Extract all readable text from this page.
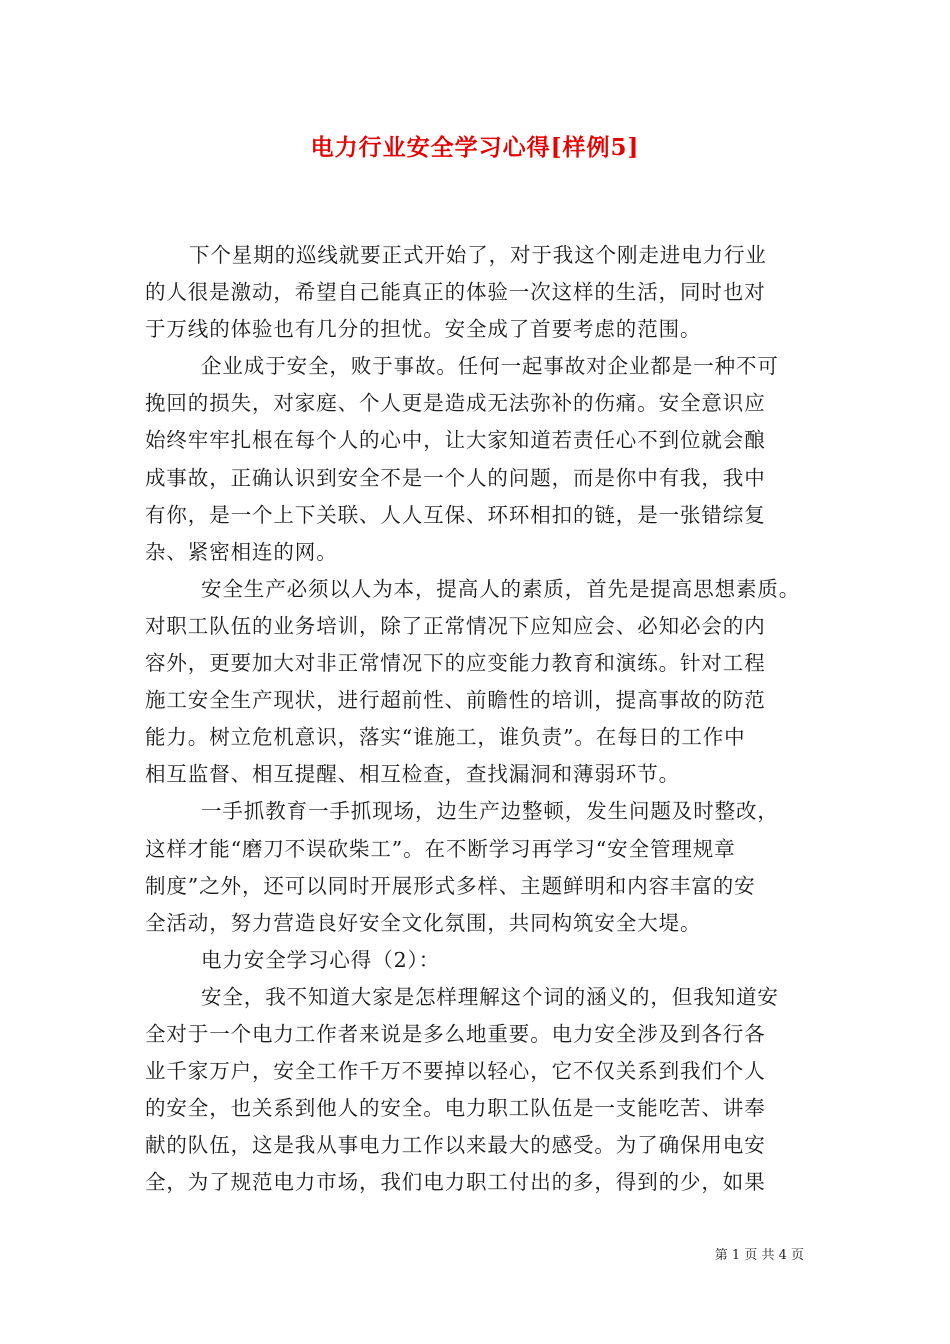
电力行业安全学习心得[样例5]
下个星期的巡线就要正式开始了，对于我这个刚走进电力行业
的人很是激动，希望自己能真正的体验一次这样的生活，同时也对
于万线的体验也有几分的担忧。安全成了首要考虑的范围。
企业成于安全，败于事故。任何一起事故对企业都是一种不可
挽回的损失，对家庭、个人更是造成无法弥补的伤痛。安全意识应
始终牢牢扎根在每个人的心中，让大家知道若责任心不到位就会酿
成事故，正确认识到安全不是一个人的问题，而是你中有我，我中
有你，是一个上下关联、人人互保、环环相扣的链，是一张错综复
杂、紧密相连的网。
安全生产必须以人为本，提高人的素质，首先是提高思想素质。
对职工队伍的业务培训，除了正常情况下应知应会、必知必会的内
容外，更要加大对非正常情况下的应变能力教育和演练。针对工程
施工安全生产现状，进行超前性、前瞻性的培训，提高事故的防范
能力。树立危机意识，落实“谁施工，谁负责”。在每日的工作中
相互监督、相互提醒、相互检查，查找漏洞和薄弱环节。
一手抓教育一手抓现场，边生产边整顿，发生问题及时整改，
这样才能“磨刀不误砍柴工”。在不断学习再学习“安全管理规章
制度”之外，还可以同时开展形式多样、主题鲜明和内容丰富的安
全活动，努力营造良好安全文化氛围，共同构筑安全大堤。
电力安全学习心得（2）：
安全，我不知道大家是怎样理解这个词的涵义的，但我知道安
全对于一个电力工作者来说是多么地重要。电力安全涉及到各行各
业千家万户，安全工作千万不要掉以轻心，它不仅关系到我们个人
的安全，也关系到他人的安全。电力职工队伍是一支能吃苦、讲奉
献的队伍，这是我从事电力工作以来最大的感受。为了确保用电安
全，为了规范电力市场，我们电力职工付出的多，得到的少，如果
第 1 页 共 4 页
